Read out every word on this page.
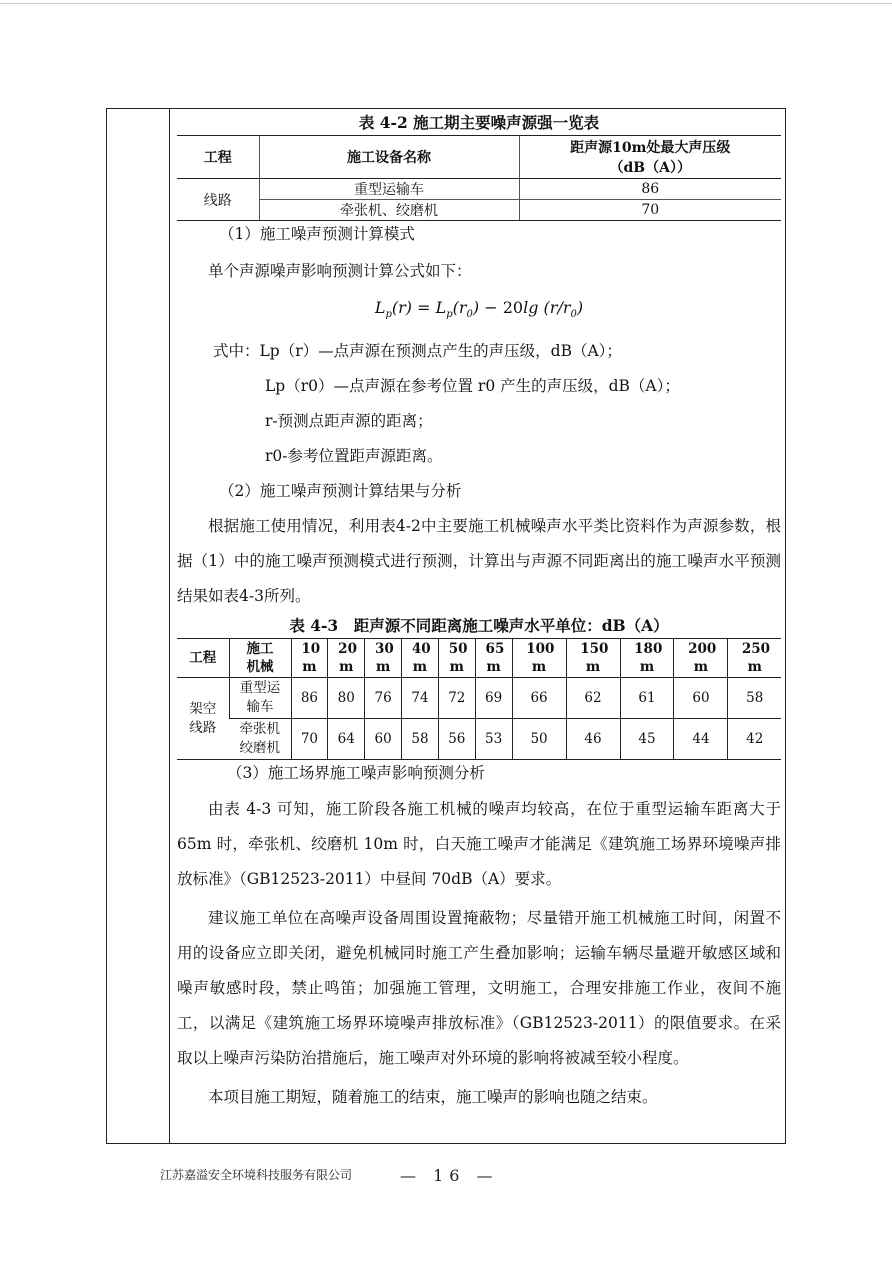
表 4-2 施工期主要噪声源强一览表
工程	施工设备名称	距声源10m处最大声压级
（dB（A））

线路	重型运输车	86
	牵张机、绞磨机	70
（1）施工噪声预测计算模式
单个声源噪声影响预测计算公式如下：
$L_p(r) = L_p(r_0) - 20\lg$ $(r/r_0)$
式中：Lp（r）—点声源在预测点产生的声压级，dB（A）；
Lp（r0）—点声源在参考位置 r0 产生的声压级，dB（A）；
r-预测点距声源的距离；
r0-参考位置距声源距离。
（2）施工噪声预测计算结果与分析
根据施工使用情况，利用表4-2中主要施工机械噪声水平类比资料作为声源参数，根据（1）中的施工噪声预测模式进行预测，计算出与声源不同距离出的施工噪声水平预测结果如表4-3所列。
表 4-3　距声源不同距离施工噪声水平单位：dB（A）
工程	施工机械	10 m	20 m	30 m	40 m	50 m	65 m	100 m	150 m	180 m	200 m	250 m

架空线路	重型运输车	86	80	76	74	72	69	66	62	61	60	58

	牵张机绞磨机	70	64	60	58	56	53	50	46	45	44	42
（3）施工场界施工噪声影响预测分析
由表 4-3 可知，施工阶段各施工机械的噪声均较高，在位于重型运输车距离大于 65m 时，牵张机、绞磨机 10m 时，白天施工噪声才能满足《建筑施工场界环境噪声排放标准》（GB12523-2011）中昼间 70dB（A）要求。
建议施工单位在高噪声设备周围设置掩蔽物；尽量错开施工机械施工时间，闲置不用的设备应立即关闭，避免机械同时施工产生叠加影响；运输车辆尽量避开敏感区域和噪声敏感时段，禁止鸣笛；加强施工管理，文明施工，合理安排施工作业，夜间不施工，以满足《建筑施工场界环境噪声排放标准》（GB12523-2011）的限值要求。在采取以上噪声污染防治措施后，施工噪声对外环境的影响将被减至较小程度。
本项目施工期短，随着施工的结束，施工噪声的影响也随之结束。
江苏嘉溢安全环境科技服务有限公司	— 16 —
